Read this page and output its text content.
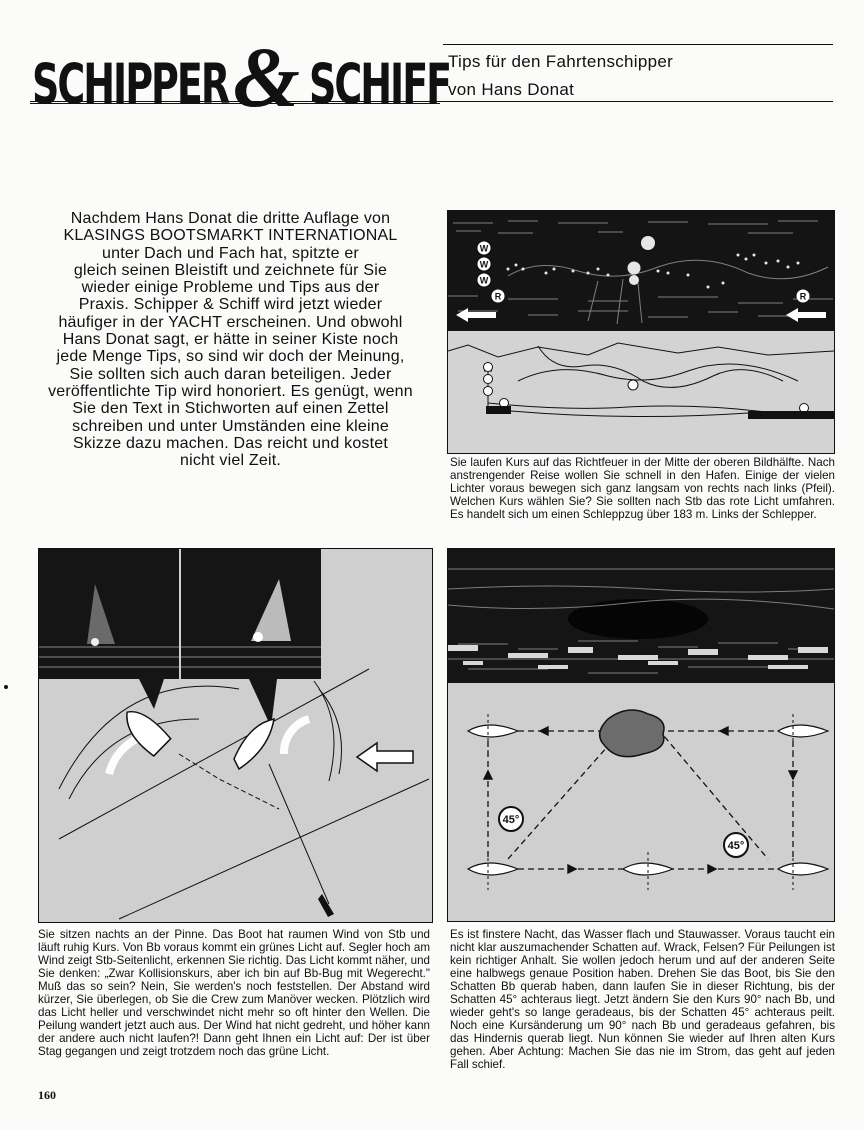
SCHIPPER & SCHIFF
Tips für den Fahrtenschipper
von Hans Donat
Nachdem Hans Donat die dritte Auflage von
KLASINGS BOOTSMARKT INTERNATIONAL
unter Dach und Fach hat, spitzte er
gleich seinen Bleistift und zeichnete für Sie
wieder einige Probleme und Tips aus der
Praxis. Schipper & Schiff wird jetzt wieder
häufiger in der YACHT erscheinen. Und obwohl
Hans Donat sagt, er hätte in seiner Kiste noch
jede Menge Tips, so sind wir doch der Meinung,
Sie sollten sich auch daran beteiligen. Jeder
veröffentlichte Tip wird honoriert. Es genügt, wenn
Sie den Text in Stichworten auf einen Zettel
schreiben und unter Umständen eine kleine
Skizze dazu machen. Das reicht und kostet
nicht viel Zeit.
W
W
W
R	R
Sie laufen Kurs auf das Richtfeuer in der Mitte der oberen Bildhälfte. Nach anstrengender Reise wollen Sie schnell in den Hafen. Einige der vielen Lichter voraus bewegen sich ganz langsam von rechts nach links (Pfeil). Welchen Kurs wählen Sie? Sie sollten nach Stb das rote Licht umfahren. Es handelt sich um einen Schleppzug über 183 m. Links der Schlepper.
Sie sitzen nachts an der Pinne. Das Boot hat raumen Wind von Stb und läuft ruhig Kurs. Von Bb voraus kommt ein grünes Licht auf. Segler hoch am Wind zeigt Stb-Seitenlicht, erkennen Sie richtig. Das Licht kommt näher, und Sie denken: „Zwar Kollisionskurs, aber ich bin auf Bb-Bug mit Wegerecht." Muß das so sein? Nein, Sie werden's noch feststellen. Der Abstand wird kürzer, Sie überlegen, ob Sie die Crew zum Manöver wecken. Plötzlich wird das Licht heller und verschwindet nicht mehr so oft hinter den Wellen. Die Peilung wandert jetzt auch aus. Der Wind hat nicht gedreht, und höher kann der andere auch nicht laufen?! Dann geht Ihnen ein Licht auf: Der ist über Stag gegangen und zeigt trotzdem noch das grüne Licht.
45°
45°
Es ist finstere Nacht, das Wasser flach und Stauwasser. Voraus taucht ein nicht klar auszumachender Schatten auf. Wrack, Felsen? Für Peilungen ist kein richtiger Anhalt. Sie wollen jedoch herum und auf der anderen Seite eine halbwegs genaue Position haben. Drehen Sie das Boot, bis Sie den Schatten Bb querab haben, dann laufen Sie in dieser Richtung, bis der Schatten 45° achteraus liegt. Jetzt ändern Sie den Kurs 90° nach Bb, und wieder geht's so lange geradeaus, bis der Schatten 45° achteraus peilt. Noch eine Kursänderung um 90° nach Bb und geradeaus gefahren, bis das Hindernis querab liegt. Nun können Sie wieder auf Ihren alten Kurs gehen. Aber Achtung: Machen Sie das nie im Strom, das geht auf jeden Fall schief.
160
